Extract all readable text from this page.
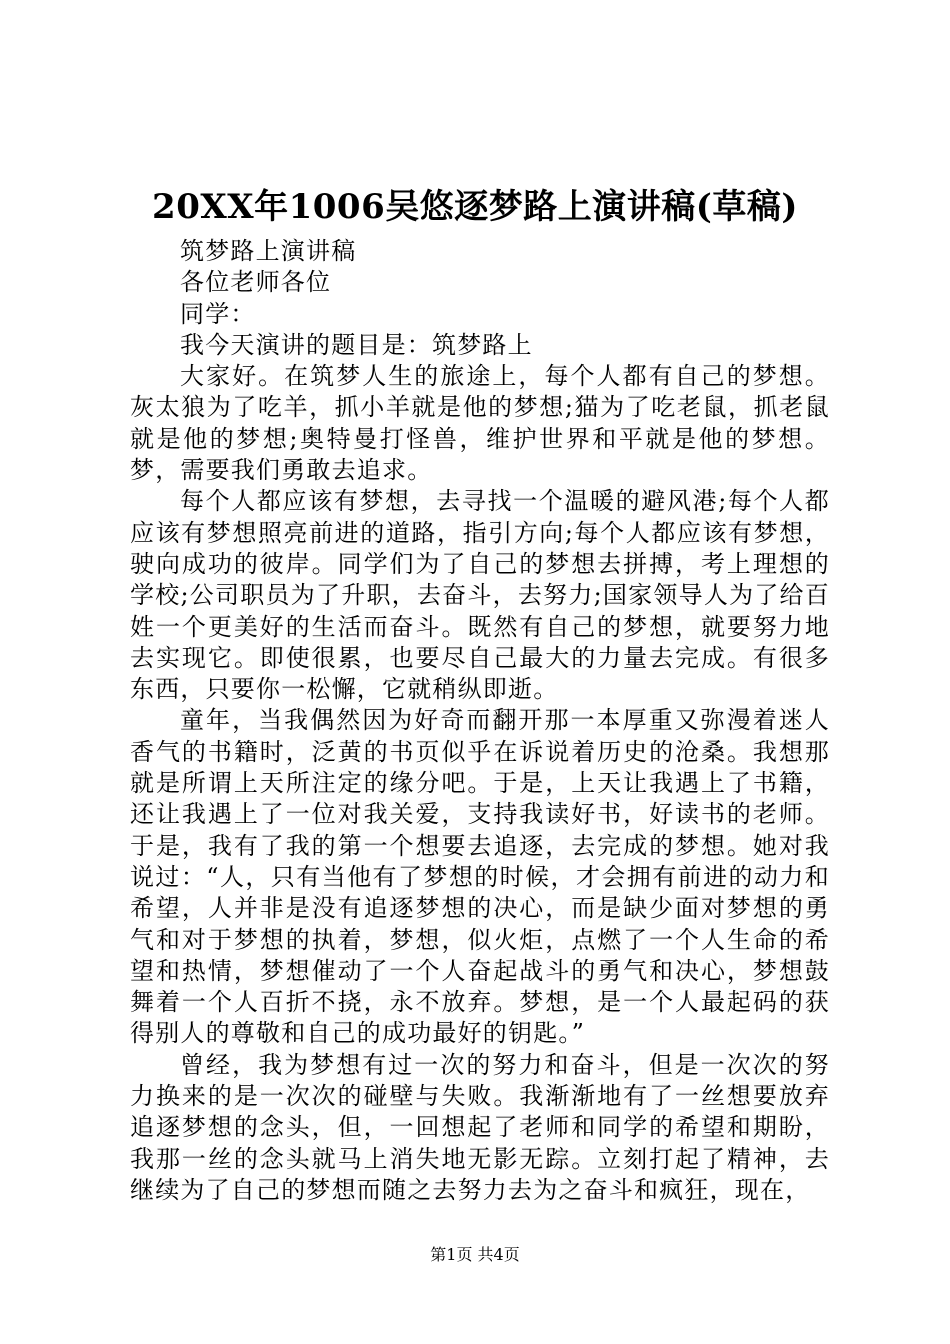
20XX年1006吴悠逐梦路上演讲稿(草稿)

筑梦路上演讲稿

各位老师各位

同学：

我今天演讲的题目是：筑梦路上

大家好。在筑梦人生的旅途上，每个人都有自己的梦想。灰太狼为了吃羊，抓小羊就是他的梦想;猫为了吃老鼠，抓老鼠就是他的梦想;奥特曼打怪兽，维护世界和平就是他的梦想。梦，需要我们勇敢去追求。

每个人都应该有梦想，去寻找一个温暖的避风港;每个人都应该有梦想照亮前进的道路，指引方向;每个人都应该有梦想，驶向成功的彼岸。同学们为了自己的梦想去拼搏，考上理想的学校;公司职员为了升职，去奋斗，去努力;国家领导人为了给百姓一个更美好的生活而奋斗。既然有自己的梦想，就要努力地去实现它。即使很累，也要尽自己最大的力量去完成。有很多东西，只要你一松懈，它就稍纵即逝。

童年，当我偶然因为好奇而翻开那一本厚重又弥漫着迷人香气的书籍时，泛黄的书页似乎在诉说着历史的沧桑。我想那就是所谓上天所注定的缘分吧。于是，上天让我遇上了书籍，还让我遇上了一位对我关爱，支持我读好书，好读书的老师。于是，我有了我的第一个想要去追逐，去完成的梦想。她对我说过：“人，只有当他有了梦想的时候，才会拥有前进的动力和希望，人并非是没有追逐梦想的决心，而是缺少面对梦想的勇气和对于梦想的执着，梦想，似火炬，点燃了一个人生命的希望和热情，梦想催动了一个人奋起战斗的勇气和决心，梦想鼓舞着一个人百折不挠，永不放弃。梦想，是一个人最起码的获得别人的尊敬和自己的成功最好的钥匙。”

曾经，我为梦想有过一次的努力和奋斗，但是一次次的努力换来的是一次次的碰壁与失败。我渐渐地有了一丝想要放弃追逐梦想的念头，但，一回想起了老师和同学的希望和期盼，我那一丝的念头就马上消失地无影无踪。立刻打起了精神，去继续为了自己的梦想而随之去努力去为之奋斗和疯狂，现在，

第1页 共4页
